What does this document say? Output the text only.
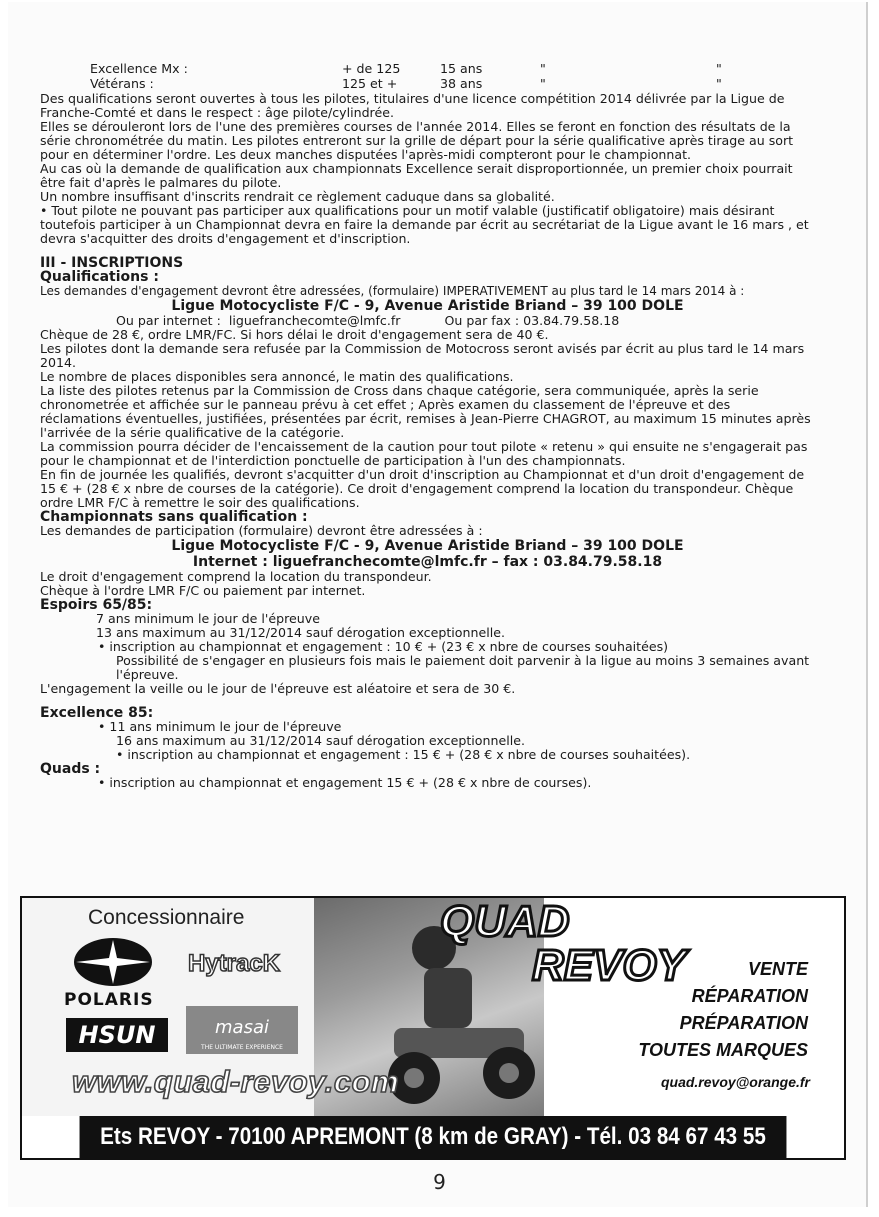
Excellence Mx :	+ de 125	15 ans	"	"
Vétérans :	125 et +	38 ans	"	"

Des qualifications seront ouvertes à tous les pilotes, titulaires d'une licence compétition 2014 délivrée par la Ligue de Franche-Comté et dans le respect : âge pilote/cylindrée.

Elles se dérouleront lors de l'une des premières courses de l'année 2014. Elles se feront en fonction des résultats de la série chronométrée du matin. Les pilotes entreront sur la grille de départ pour la série qualificative après tirage au sort pour en déterminer l'ordre. Les deux manches disputées l'après-midi compteront pour le championnat.

Au cas où la demande de qualification aux championnats Excellence serait disproportionnée, un premier choix pourrait être fait d'après le palmares du pilote.

Un nombre insuffisant d'inscrits rendrait ce règlement caduque dans sa globalité.

• Tout pilote ne pouvant pas participer aux qualifications pour un motif valable (justificatif obligatoire) mais désirant toutefois participer à un Championnat devra en faire la demande par écrit au secrétariat de la Ligue avant le 16 mars , et devra s'acquitter des droits d'engagement et d'inscription.

III - INSCRIPTIONS

Qualifications :

Les demandes d'engagement devront être adressées, (formulaire) IMPERATIVEMENT au plus tard le 14 mars 2014 à :

Ligue Motocycliste F/C - 9, Avenue Aristide Briand – 39 100 DOLE

Ou par internet :  liguefranchecomte@lmfc.fr           Ou par fax : 03.84.79.58.18

Chèque de 28 €, ordre LMR/FC. Si hors délai le droit d'engagement sera de 40 €.

Les pilotes dont la demande sera refusée par la Commission de Motocross seront avisés par écrit au plus tard le 14 mars 2014.

Le nombre de places disponibles sera annoncé, le matin des qualifications.

La liste des pilotes retenus par la Commission de Cross dans chaque catégorie, sera communiquée, après la serie chronometrée et affichée sur le panneau prévu à cet effet ; Après examen du classement de l'épreuve et des réclamations éventuelles, justifiées, présentées par écrit, remises à Jean-Pierre CHAGROT, au maximum 15 minutes après l'arrivée de la série qualificative de la catégorie.

La commission pourra décider de l'encaissement de la caution pour tout pilote « retenu » qui ensuite ne s'engagerait pas pour le championnat et de l'interdiction ponctuelle de participation à l'un des championnats.

En fin de journée les qualifiés, devront s'acquitter d'un droit d'inscription au Championnat et d'un droit d'engagement de 15 € + (28 € x nbre de courses de la catégorie). Ce droit d'engagement comprend la location du transpondeur. Chèque ordre LMR F/C à remettre le soir des qualifications.

Championnats sans qualification :

Les demandes de participation (formulaire) devront être adressées à :

Ligue Motocycliste F/C - 9, Avenue Aristide Briand – 39 100 DOLE

Internet : liguefranchecomte@lmfc.fr – fax : 03.84.79.58.18

Le droit d'engagement comprend la location du transpondeur.

Chèque à l'ordre LMR F/C ou paiement par internet.

Espoirs 65/85:

7 ans minimum le jour de l'épreuve

13 ans maximum au 31/12/2014 sauf dérogation exceptionnelle.

• inscription au championnat et engagement : 10 € + (23 € x nbre de courses souhaitées)

Possibilité de s'engager en plusieurs fois mais le paiement doit parvenir à la ligue au moins 3 semaines avant l'épreuve.

L'engagement la veille ou le jour de l'épreuve est aléatoire et sera de 30 €.

Excellence 85:

• 11 ans minimum le jour de l'épreuve

16 ans maximum au 31/12/2014 sauf dérogation exceptionnelle.

• inscription au championnat et engagement : 15 € + (28 € x nbre de courses souhaitées).

Quads :

• inscription au championnat et engagement 15 € + (28 € x nbre de courses).

Concessionnaire
POLARIS
HytracK
HSUN	masai
THE ULTIMATE EXPERIENCE
QUAD
REVOY
www.quad-revoy.com
VENTE
RÉPARATION
PRÉPARATION
TOUTES MARQUES
quad.revoy@orange.fr
Ets REVOY - 70100 APREMONT (8 km de GRAY) - Tél. 03 84 67 43 55
9
